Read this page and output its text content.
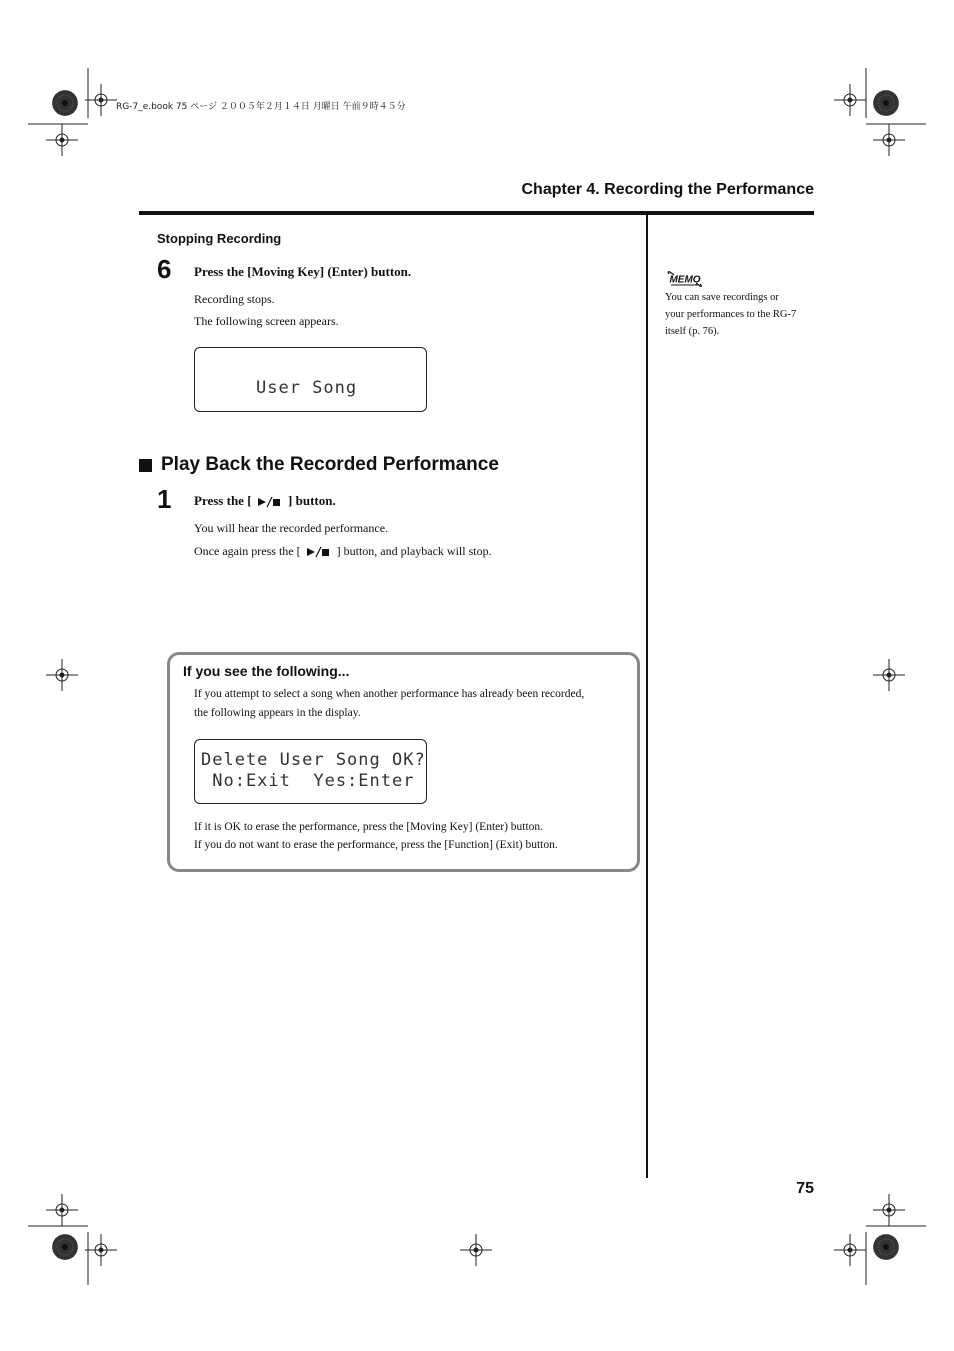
RG-7_e.book 75 ページ ２００５年２月１４日 月曜日 午前９時４５分
Chapter 4. Recording the Performance
Stopping Recording
6 Press the [Moving Key] (Enter) button.
Recording stops.
The following screen appears.
User Song
Play Back the Recorded Performance
1 Press the [	] button.
You will hear the recorded performance.
Once again press the [	] button, and playback will stop.
If you see the following...
If you attempt to select a song when another performance has already been recorded,
the following appears in the display.
Delete User Song OK?
No:Exit  Yes:Enter
If it is OK to erase the performance, press the [Moving Key] (Enter) button.
If you do not want to erase the performance, press the [Function] (Exit) button.
MEMO
You can save recordings or
your performances to the RG-7
itself (p. 76).
75
